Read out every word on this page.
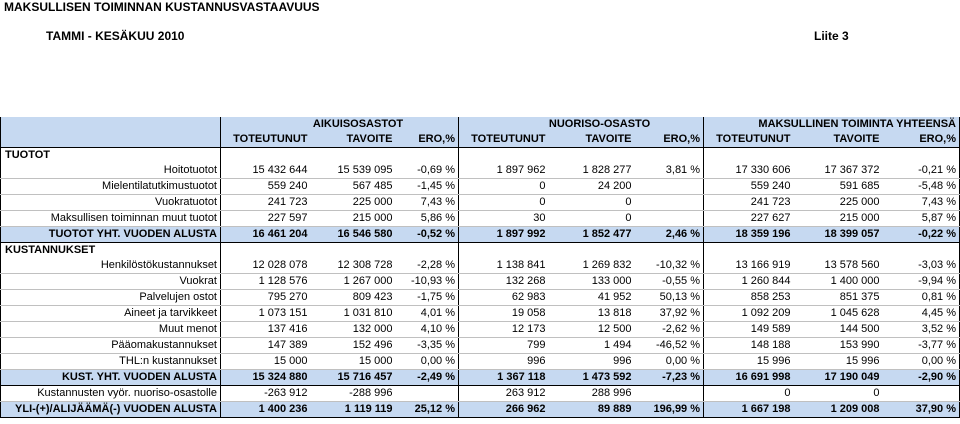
MAKSULLISEN TOIMINNAN KUSTANNUSVASTAAVUUS
TAMMI - KESÄKUU 2010	Liite 3
	AIKUISOSASTOT			NUORISO-OSASTO			MAKSULLINEN TOIMINTA YHTEENSÄ		
	TOTEUTUNUT	TAVOITE	ERO,%	TOTEUTUNUT	TAVOITE	ERO,%	TOTEUTUNUT	TAVOITE	ERO,%
TUOTOT									
Hoitotuotot	15 432 644	15 539 095	-0,69 %	1 897 962	1 828 277	3,81 %	17 330 606	17 367 372	-0,21 %
Mielentilatutkimustuotot	559 240	567 485	-1,45 %	0	24 200		559 240	591 685	-5,48 %
Vuokratuotot	241 723	225 000	7,43 %	0	0		241 723	225 000	7,43 %
Maksullisen toiminnan muut tuotot	227 597	215 000	5,86 %	30	0		227 627	215 000	5,87 %
TUOTOT YHT. VUODEN ALUSTA	16 461 204	16 546 580	-0,52 %	1 897 992	1 852 477	2,46 %	18 359 196	18 399 057	-0,22 %
KUSTANNUKSET									
Henkilöstökustannukset	12 028 078	12 308 728	-2,28 %	1 138 841	1 269 832	-10,32 %	13 166 919	13 578 560	-3,03 %
Vuokrat	1 128 576	1 267 000	-10,93 %	132 268	133 000	-0,55 %	1 260 844	1 400 000	-9,94 %
Palvelujen ostot	795 270	809 423	-1,75 %	62 983	41 952	50,13 %	858 253	851 375	0,81 %
Aineet ja tarvikkeet	1 073 151	1 031 810	4,01 %	19 058	13 818	37,92 %	1 092 209	1 045 628	4,45 %
Muut menot	137 416	132 000	4,10 %	12 173	12 500	-2,62 %	149 589	144 500	3,52 %
Pääomakustannukset	147 389	152 496	-3,35 %	799	1 494	-46,52 %	148 188	153 990	-3,77 %
THL:n kustannukset	15 000	15 000	0,00 %	996	996	0,00 %	15 996	15 996	0,00 %
KUST. YHT. VUODEN ALUSTA	15 324 880	15 716 457	-2,49 %	1 367 118	1 473 592	-7,23 %	16 691 998	17 190 049	-2,90 %
Kustannusten vyör. nuoriso-osastolle	-263 912	-288 996		263 912	288 996		0	0	
YLI-(+)/ALIJÄÄMÄ(-) VUODEN ALUSTA	1 400 236	1 119 119	25,12 %	266 962	89 889	196,99 %	1 667 198	1 209 008	37,90 %
